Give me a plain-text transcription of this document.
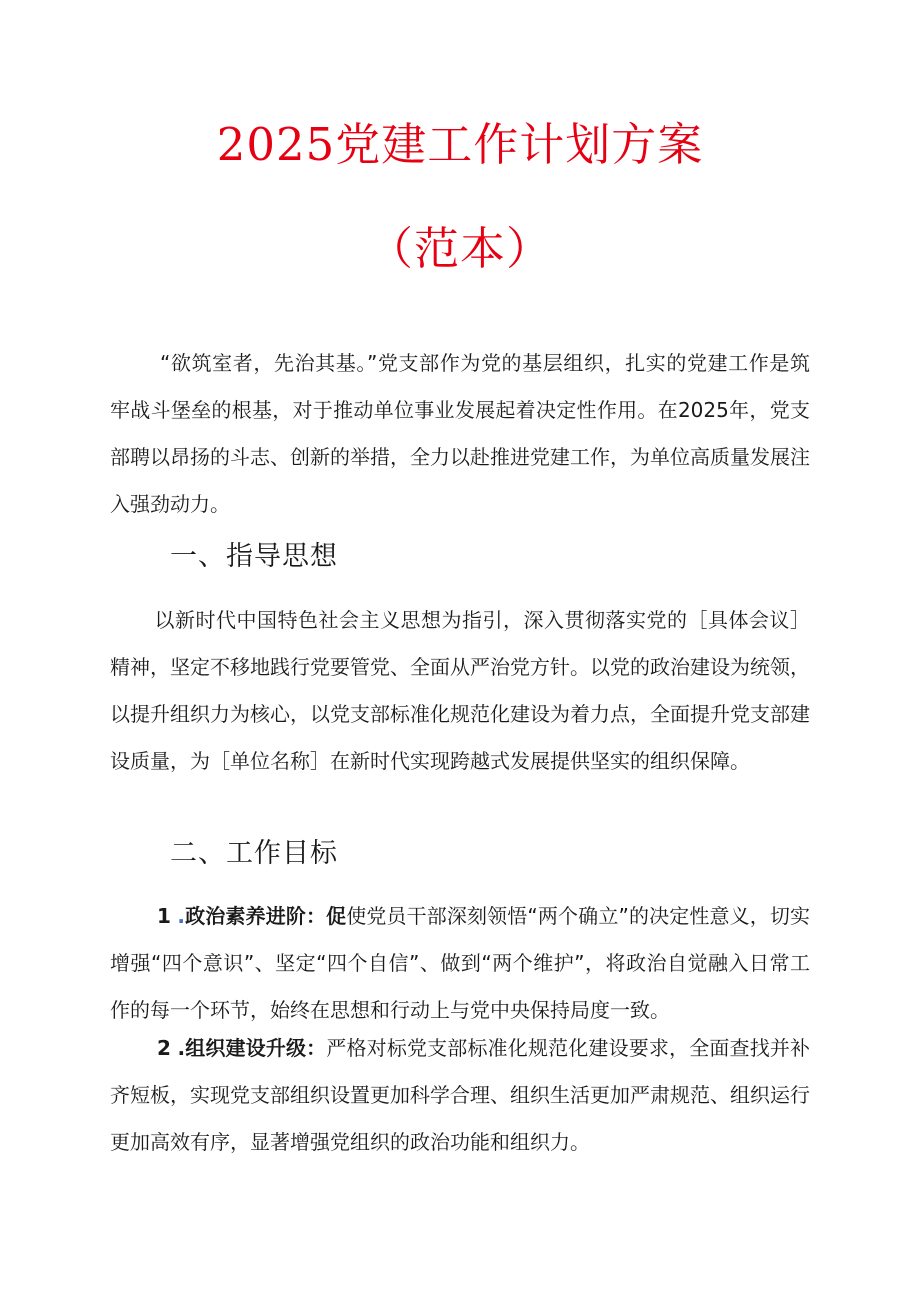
2025党建工作计划方案
（范本）

“欲筑室者，先治其基。”党支部作为党的基层组织，扎实的党建工作是筑牢战斗堡垒的根基，对于推动单位事业发展起着决定性作用。在2025年，党支部聘以昂扬的斗志、创新的举措，全力以赴推进党建工作，为单位高质量发展注入强劲动力。

一、指导思想

以新时代中国特色社会主义思想为指引，深入贯彻落实党的［具体会议］精神，坚定不移地践行党要管党、全面从严治党方针。以党的政治建设为统领，以提升组织力为核心，以党支部标准化规范化建设为着力点，全面提升党支部建设质量，为［单位名称］在新时代实现跨越式发展提供坚实的组织保障。

二、工作目标

1 .政治素养进阶：促使党员干部深刻领悟“两个确立”的决定性意义，切实增强“四个意识”、坚定“四个自信”、做到“两个维护”，将政治自觉融入日常工作的每一个环节，始终在思想和行动上与党中央保持局度一致。

2 .组织建设升级：严格对标党支部标准化规范化建设要求，全面查找并补齐短板，实现党支部组织设置更加科学合理、组织生活更加严肃规范、组织运行更加高效有序，显著增强党组织的政治功能和组织力。
